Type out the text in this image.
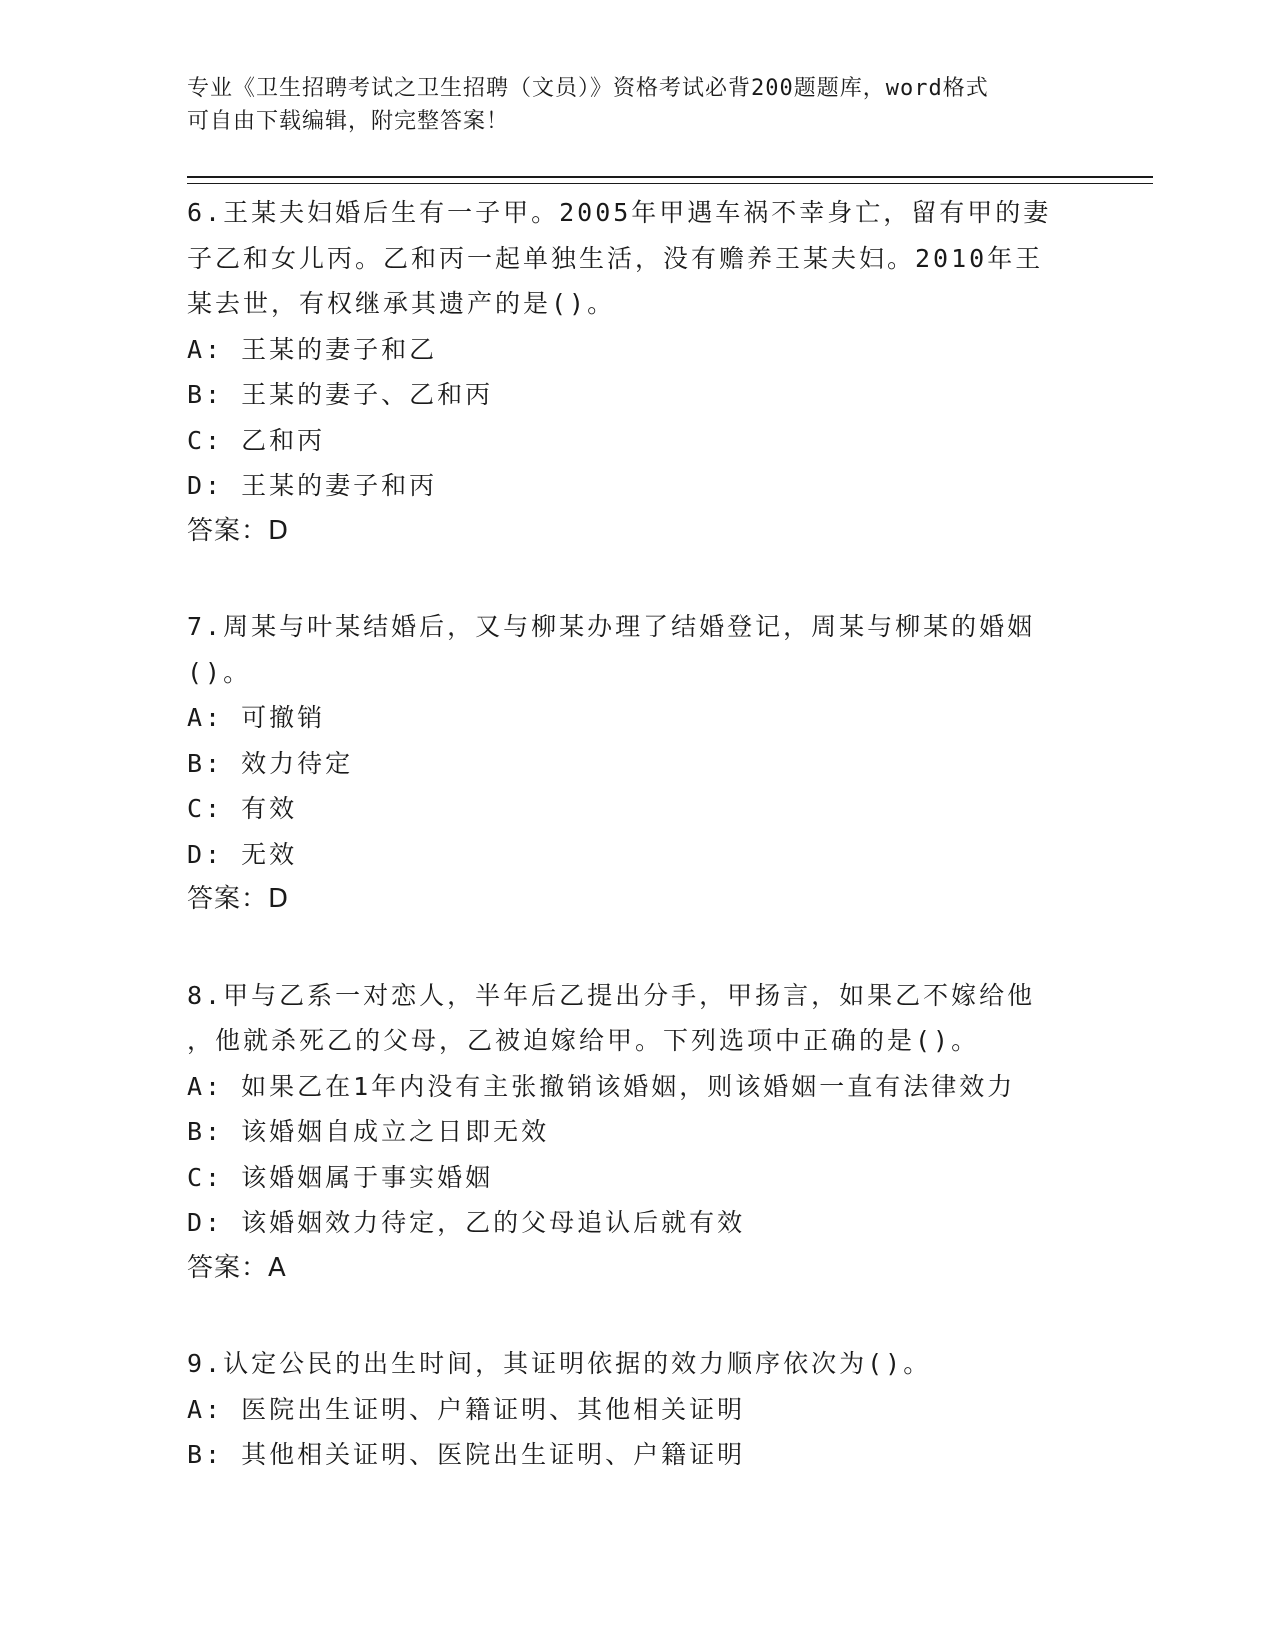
专业《卫生招聘考试之卫生招聘（文员）》资格考试必背200题题库，word格式
可自由下载编辑，附完整答案！

6.王某夫妇婚后生有一子甲。2005年甲遇车祸不幸身亡，留有甲的妻

子乙和女儿丙。乙和丙一起单独生活，没有赡养王某夫妇。2010年王

某去世，有权继承其遗产的是()。

A: 王某的妻子和乙

B: 王某的妻子、乙和丙

C: 乙和丙

D: 王某的妻子和丙

答案：D

7.周某与叶某结婚后，又与柳某办理了结婚登记，周某与柳某的婚姻

()。

A: 可撤销

B: 效力待定

C: 有效

D: 无效

答案：D

8.甲与乙系一对恋人，半年后乙提出分手，甲扬言，如果乙不嫁给他

，他就杀死乙的父母，乙被迫嫁给甲。下列选项中正确的是()。

A: 如果乙在1年内没有主张撤销该婚姻，则该婚姻一直有法律效力

B: 该婚姻自成立之日即无效

C: 该婚姻属于事实婚姻

D: 该婚姻效力待定，乙的父母追认后就有效

答案：A

9.认定公民的出生时间，其证明依据的效力顺序依次为()。

A: 医院出生证明、户籍证明、其他相关证明

B: 其他相关证明、医院出生证明、户籍证明
